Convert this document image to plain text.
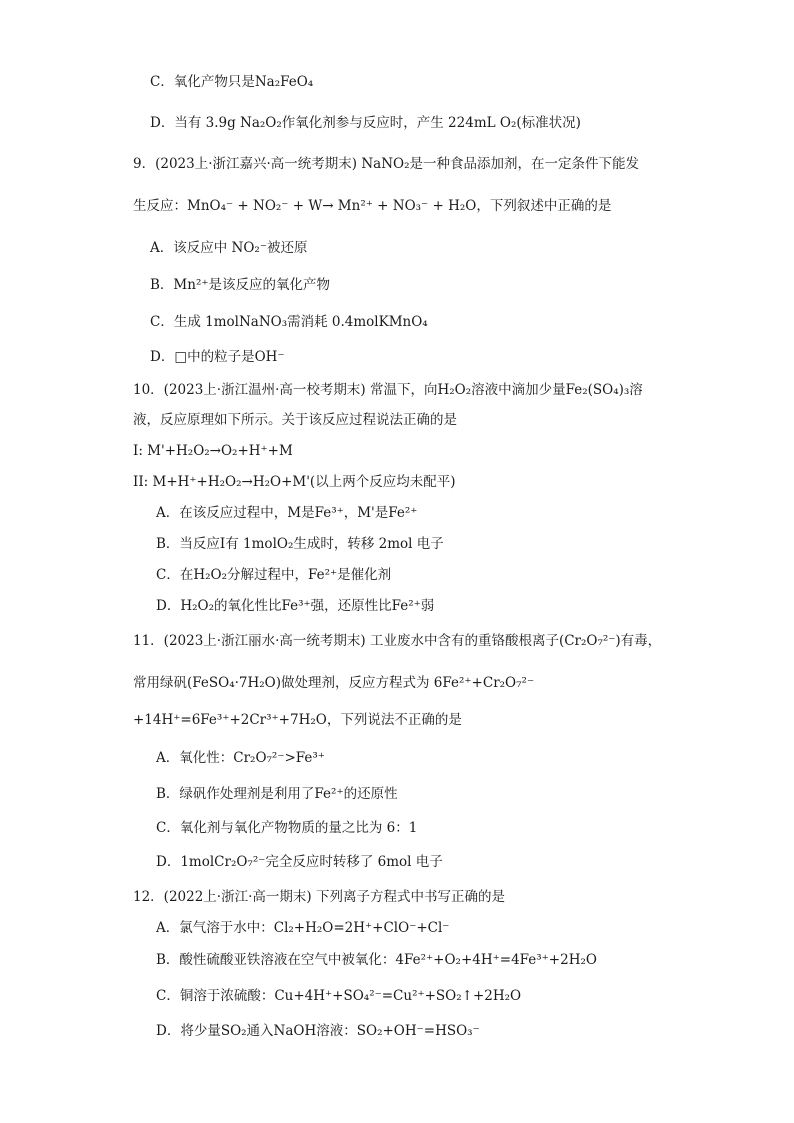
C．氧化产物只是Na₂FeO₄
D．当有 3.9g Na₂O₂作氧化剂参与反应时，产生 224mL O₂(标准状况)
9．(2023上·浙江嘉兴·高一统考期末) NaNO₂是一种食品添加剂，在一定条件下能发
生反应：MnO₄⁻ + NO₂⁻ + W→ Mn²⁺ + NO₃⁻ + H₂O，下列叙述中正确的是
A．该反应中 NO₂⁻被还原
B．Mn²⁺是该反应的氧化产物
C．生成 1molNaNO₃需消耗 0.4molKMnO₄
D．□中的粒子是OH⁻
10．(2023上·浙江温州·高一校考期末) 常温下，向H₂O₂溶液中滴加少量Fe₂(SO₄)₃溶
液，反应原理如下所示。关于该反应过程说法正确的是
I: M'+H₂O₂→O₂+H⁺+M
II: M+H⁺+H₂O₂→H₂O+M'(以上两个反应均未配平)
A．在该反应过程中，M是Fe³⁺，M'是Fe²⁺
B．当反应I有 1molO₂生成时，转移 2mol 电子
C．在H₂O₂分解过程中，Fe²⁺是催化剂
D．H₂O₂的氧化性比Fe³⁺强，还原性比Fe²⁺弱
11．(2023上·浙江丽水·高一统考期末) 工业废水中含有的重铬酸根离子(Cr₂O₇²⁻)有毒，
常用绿矾(FeSO₄·7H₂O)做处理剂，反应方程式为 6Fe²⁺+Cr₂O₇²⁻
+14H⁺=6Fe³⁺+2Cr³⁺+7H₂O，下列说法不正确的是
A．氧化性：Cr₂O₇²⁻>Fe³⁺
B．绿矾作处理剂是利用了Fe²⁺的还原性
C．氧化剂与氧化产物物质的量之比为 6：1
D．1molCr₂O₇²⁻完全反应时转移了 6mol 电子
12．(2022上·浙江·高一期末) 下列离子方程式中书写正确的是
A．氯气溶于水中：Cl₂+H₂O=2H⁺+ClO⁻+Cl⁻
B．酸性硫酸亚铁溶液在空气中被氧化：4Fe²⁺+O₂+4H⁺=4Fe³⁺+2H₂O
C．铜溶于浓硫酸：Cu+4H⁺+SO₄²⁻=Cu²⁺+SO₂↑+2H₂O
D．将少量SO₂通入NaOH溶液：SO₂+OH⁻=HSO₃⁻
